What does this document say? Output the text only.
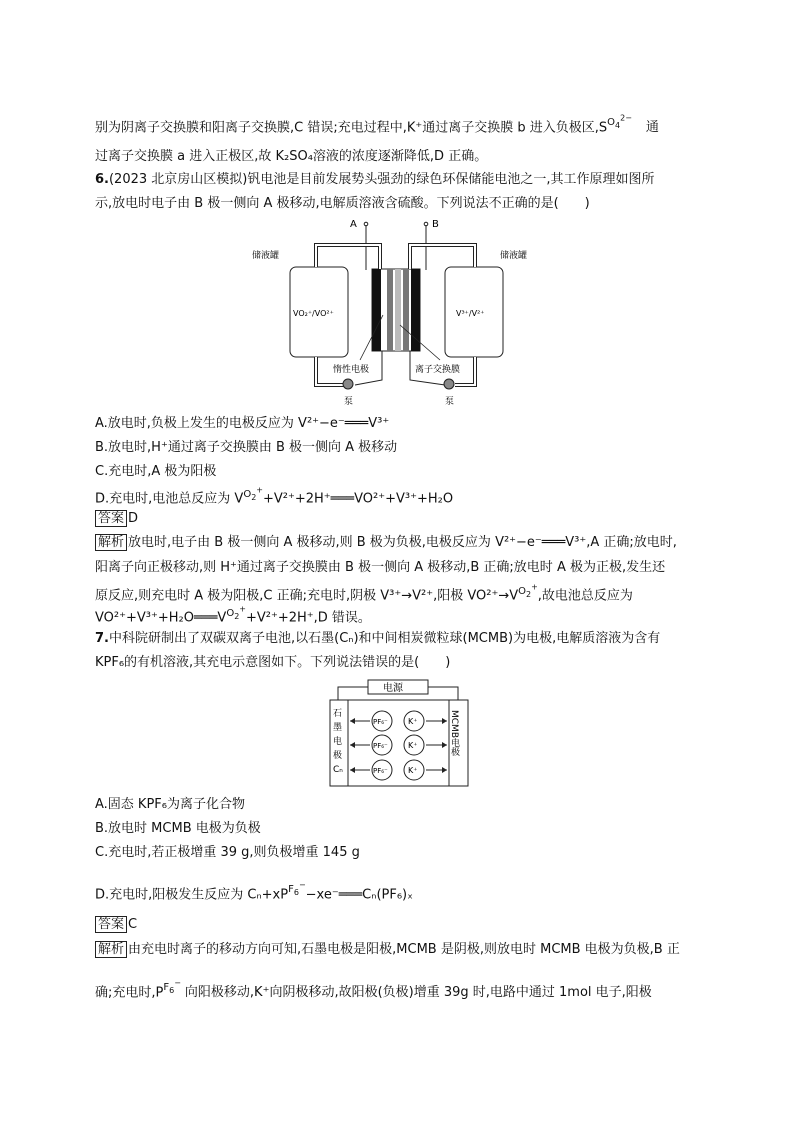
别为阴离子交换膜和阳离子交换膜,C 错误;充电过程中,K⁺通过离子交换膜 b 进入负极区$,S^{O_4^{2-}}$通
过离子交换膜 a 进入正极区,故 K₂SO₄溶液的浓度逐渐降低,D 正确。
6.(2023 北京房山区模拟)钒电池是目前发展势头强劲的绿色环保储能电池之一,其工作原理如图所
示,放电时电子由 B 极一侧向 A 极移动,电解质溶液含硫酸。下列说法不正确的是(　　)
A	B
储液罐	储液罐
VO₂⁺/VO²⁺	V³⁺/V²⁺
惰性电极	离子交换膜
泵	泵
A.放电时,负极上发生的电极反应为 V²⁺−e⁻═══V³⁺
B.放电时,H⁺通过离子交换膜由 B 极一侧向 A 极移动
C.充电时,A 极为阳极
D.充电时,电池总反应为 $V^{O_2^+}+V^{2+}+2H^+═══VO^{2+}+V^{3+}+H_2O$
答案 D
解析 放电时,电子由 B 极一侧向 A 极移动,则 B 极为负极,电极反应为 V²⁺−e⁻═══V³⁺,A 正确;放电时,
阳离子向正极移动,则 H⁺通过离子交换膜由 B 极一侧向 A 极移动,B 正确;放电时 A 极为正极,发生还
原反应,则充电时 A 极为阳极,C 正确;充电时,阴极 V³⁺→V²⁺,阳极 $VO^{2+}\to V^{O_2^+}$,故电池总反应为
$VO^{2+}+V^{3+}+H_2O═══V^{O_2^+}+V^{2+}+2H^+,D$ 错误。
7.中科院研制出了双碳双离子电池,以石墨(Cₙ)和中间相炭微粒球(MCMB)为电极,电解质溶液为含有
KPF₆的有机溶液,其充电示意图如下。下列说法错误的是(　　)
电源
石 墨 电 极 Cₙ
MCMB电极
PF₆⁻	K⁺
PF₆⁻	K⁺
PF₆⁻	K⁺
A.固态 KPF₆为离子化合物
B.放电时 MCMB 电极为负极
C.充电时,若正极增重 39 g,则负极增重 145 g
D.充电时,阳极发生反应为 $C_n+xP^{F_6^-}-xe^-═══C_n(PF_6)_x$
答案 C
解析 由充电时离子的移动方向可知,石墨电极是阳极,MCMB 是阴极,则放电时 MCMB 电极为负极,B 正
确;充电时$,P^{F_6^-}$向阳极移动,K⁺向阴极移动,故阳极(负极)增重 39g 时,电路中通过 1mol 电子,阳极
